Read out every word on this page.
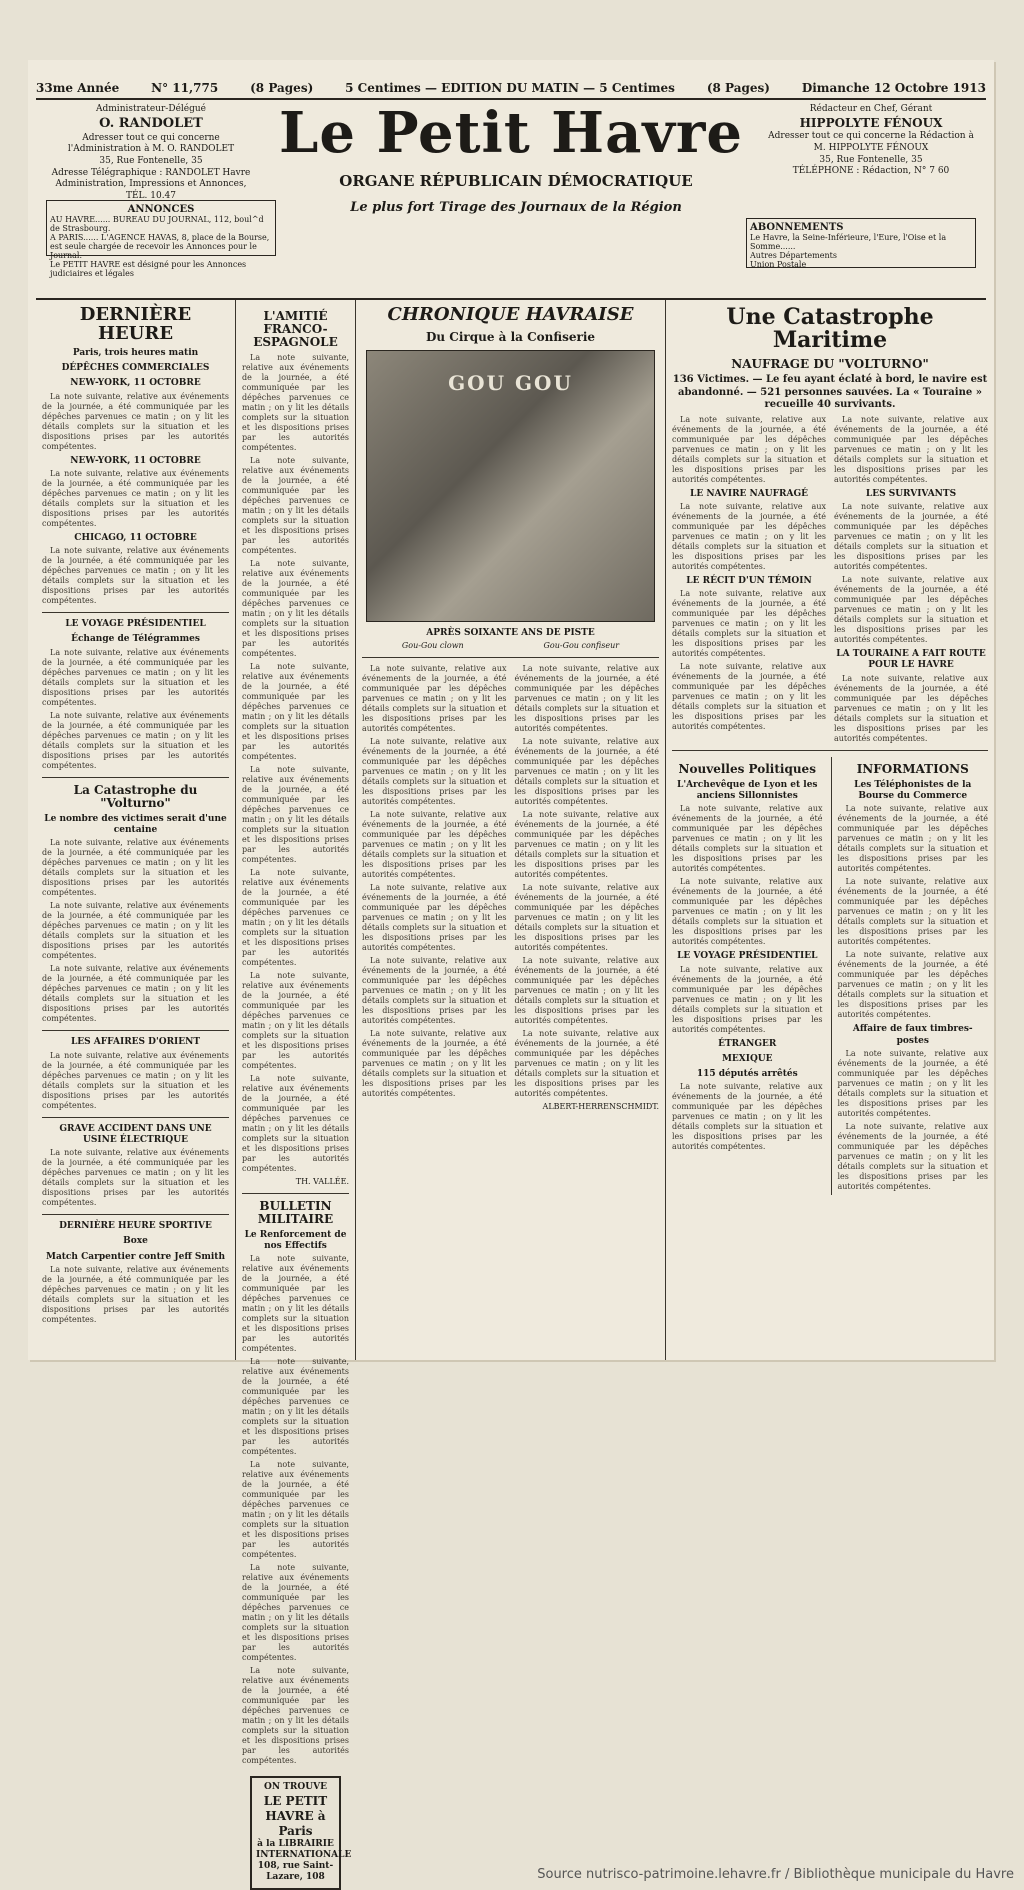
33me Année	N° 11,775	(8 Pages)	5 Centimes — EDITION DU MATIN — 5 Centimes	(8 Pages)	Dimanche 12 Octobre 1913
Administrateur-Délégué
O. RANDOLET
Adresser tout ce qui concerne l'Administration à M. O. RANDOLET
35, Rue Fontenelle, 35
Adresse Télégraphique : RANDOLET Havre
Administration, Impressions et Annonces, TÉL. 10.47
Le Petit Havre
ORGANE RÉPUBLICAIN DÉMOCRATIQUE
Le plus fort Tirage des Journaux de la Région
Rédacteur en Chef, Gérant
HIPPOLYTE FÉNOUX
Adresser tout ce qui concerne la Rédaction à M. HIPPOLYTE FÉNOUX
35, Rue Fontenelle, 35
TÉLÉPHONE : Rédaction, N° 7 60
ANNONCES
AU HAVRE...... BUREAU DU JOURNAL, 112, boul^d de Strasbourg.
A PARIS...... L'AGENCE HAVAS, 8, place de la Bourse, est seule chargée de recevoir les Annonces pour le Journal.
Le PETIT HAVRE est désigné pour les Annonces judiciaires et légales
ABONNEMENTS
Le Havre, la Seine-Inférieure, l'Eure, l'Oise et la Somme......
Autres Départements
Union Postale
DERNIÈRE HEURE
Paris, trois heures matin
DÉPÊCHES COMMERCIALES
NEW-YORK, 11 OCTOBRE

La note suivante, relative aux événements de la journée, a été communiquée par les dépêches parvenues ce matin ; on y lit les détails complets sur la situation et les dispositions prises par les autorités compétentes.

NEW-YORK, 11 OCTOBRE

La note suivante, relative aux événements de la journée, a été communiquée par les dépêches parvenues ce matin ; on y lit les détails complets sur la situation et les dispositions prises par les autorités compétentes.

CHICAGO, 11 OCTOBRE

La note suivante, relative aux événements de la journée, a été communiquée par les dépêches parvenues ce matin ; on y lit les détails complets sur la situation et les dispositions prises par les autorités compétentes.

LE VOYAGE PRÉSIDENTIEL
Échange de Télégrammes

La note suivante, relative aux événements de la journée, a été communiquée par les dépêches parvenues ce matin ; on y lit les détails complets sur la situation et les dispositions prises par les autorités compétentes.

La note suivante, relative aux événements de la journée, a été communiquée par les dépêches parvenues ce matin ; on y lit les détails complets sur la situation et les dispositions prises par les autorités compétentes.

La Catastrophe du "Volturno"
Le nombre des victimes serait d'une centaine

La note suivante, relative aux événements de la journée, a été communiquée par les dépêches parvenues ce matin ; on y lit les détails complets sur la situation et les dispositions prises par les autorités compétentes.

La note suivante, relative aux événements de la journée, a été communiquée par les dépêches parvenues ce matin ; on y lit les détails complets sur la situation et les dispositions prises par les autorités compétentes.

La note suivante, relative aux événements de la journée, a été communiquée par les dépêches parvenues ce matin ; on y lit les détails complets sur la situation et les dispositions prises par les autorités compétentes.

LES AFFAIRES D'ORIENT

La note suivante, relative aux événements de la journée, a été communiquée par les dépêches parvenues ce matin ; on y lit les détails complets sur la situation et les dispositions prises par les autorités compétentes.

GRAVE ACCIDENT DANS UNE USINE ÉLECTRIQUE

La note suivante, relative aux événements de la journée, a été communiquée par les dépêches parvenues ce matin ; on y lit les détails complets sur la situation et les dispositions prises par les autorités compétentes.

DERNIÈRE HEURE SPORTIVE
Boxe
Match Carpentier contre Jeff Smith

La note suivante, relative aux événements de la journée, a été communiquée par les dépêches parvenues ce matin ; on y lit les détails complets sur la situation et les dispositions prises par les autorités compétentes.

L'AMITIÉ FRANCO-ESPAGNOLE

La note suivante, relative aux événements de la journée, a été communiquée par les dépêches parvenues ce matin ; on y lit les détails complets sur la situation et les dispositions prises par les autorités compétentes.

La note suivante, relative aux événements de la journée, a été communiquée par les dépêches parvenues ce matin ; on y lit les détails complets sur la situation et les dispositions prises par les autorités compétentes.

La note suivante, relative aux événements de la journée, a été communiquée par les dépêches parvenues ce matin ; on y lit les détails complets sur la situation et les dispositions prises par les autorités compétentes.

La note suivante, relative aux événements de la journée, a été communiquée par les dépêches parvenues ce matin ; on y lit les détails complets sur la situation et les dispositions prises par les autorités compétentes.

La note suivante, relative aux événements de la journée, a été communiquée par les dépêches parvenues ce matin ; on y lit les détails complets sur la situation et les dispositions prises par les autorités compétentes.

La note suivante, relative aux événements de la journée, a été communiquée par les dépêches parvenues ce matin ; on y lit les détails complets sur la situation et les dispositions prises par les autorités compétentes.

La note suivante, relative aux événements de la journée, a été communiquée par les dépêches parvenues ce matin ; on y lit les détails complets sur la situation et les dispositions prises par les autorités compétentes.

La note suivante, relative aux événements de la journée, a été communiquée par les dépêches parvenues ce matin ; on y lit les détails complets sur la situation et les dispositions prises par les autorités compétentes.

TH. VALLÉE.
BULLETIN MILITAIRE
Le Renforcement de nos Effectifs

La note suivante, relative aux événements de la journée, a été communiquée par les dépêches parvenues ce matin ; on y lit les détails complets sur la situation et les dispositions prises par les autorités compétentes.

La note suivante, relative aux événements de la journée, a été communiquée par les dépêches parvenues ce matin ; on y lit les détails complets sur la situation et les dispositions prises par les autorités compétentes.

La note suivante, relative aux événements de la journée, a été communiquée par les dépêches parvenues ce matin ; on y lit les détails complets sur la situation et les dispositions prises par les autorités compétentes.

La note suivante, relative aux événements de la journée, a été communiquée par les dépêches parvenues ce matin ; on y lit les détails complets sur la situation et les dispositions prises par les autorités compétentes.

La note suivante, relative aux événements de la journée, a été communiquée par les dépêches parvenues ce matin ; on y lit les détails complets sur la situation et les dispositions prises par les autorités compétentes.

ON TROUVE
LE PETIT HAVRE à Paris
à la LIBRAIRIE INTERNATIONALE
108, rue Saint-Lazare, 108
CHRONIQUE HAVRAISE
Du Cirque à la Confiserie
GOU GOU
APRÈS SOIXANTE ANS DE PISTE
Gou-Gou clown	Gou-Gou confiseur

La note suivante, relative aux événements de la journée, a été communiquée par les dépêches parvenues ce matin ; on y lit les détails complets sur la situation et les dispositions prises par les autorités compétentes.

La note suivante, relative aux événements de la journée, a été communiquée par les dépêches parvenues ce matin ; on y lit les détails complets sur la situation et les dispositions prises par les autorités compétentes.

La note suivante, relative aux événements de la journée, a été communiquée par les dépêches parvenues ce matin ; on y lit les détails complets sur la situation et les dispositions prises par les autorités compétentes.

La note suivante, relative aux événements de la journée, a été communiquée par les dépêches parvenues ce matin ; on y lit les détails complets sur la situation et les dispositions prises par les autorités compétentes.

La note suivante, relative aux événements de la journée, a été communiquée par les dépêches parvenues ce matin ; on y lit les détails complets sur la situation et les dispositions prises par les autorités compétentes.

La note suivante, relative aux événements de la journée, a été communiquée par les dépêches parvenues ce matin ; on y lit les détails complets sur la situation et les dispositions prises par les autorités compétentes.

La note suivante, relative aux événements de la journée, a été communiquée par les dépêches parvenues ce matin ; on y lit les détails complets sur la situation et les dispositions prises par les autorités compétentes.

La note suivante, relative aux événements de la journée, a été communiquée par les dépêches parvenues ce matin ; on y lit les détails complets sur la situation et les dispositions prises par les autorités compétentes.

La note suivante, relative aux événements de la journée, a été communiquée par les dépêches parvenues ce matin ; on y lit les détails complets sur la situation et les dispositions prises par les autorités compétentes.

La note suivante, relative aux événements de la journée, a été communiquée par les dépêches parvenues ce matin ; on y lit les détails complets sur la situation et les dispositions prises par les autorités compétentes.

La note suivante, relative aux événements de la journée, a été communiquée par les dépêches parvenues ce matin ; on y lit les détails complets sur la situation et les dispositions prises par les autorités compétentes.

La note suivante, relative aux événements de la journée, a été communiquée par les dépêches parvenues ce matin ; on y lit les détails complets sur la situation et les dispositions prises par les autorités compétentes.

ALBERT-HERRENSCHMIDT.
Une Catastrophe Maritime
NAUFRAGE DU "VOLTURNO"
136 Victimes. — Le feu ayant éclaté à bord, le navire est abandonné. — 521 personnes sauvées. La « Touraine » recueille 40 survivants.

La note suivante, relative aux événements de la journée, a été communiquée par les dépêches parvenues ce matin ; on y lit les détails complets sur la situation et les dispositions prises par les autorités compétentes.

LE NAVIRE NAUFRAGÉ

La note suivante, relative aux événements de la journée, a été communiquée par les dépêches parvenues ce matin ; on y lit les détails complets sur la situation et les dispositions prises par les autorités compétentes.

LE RÉCIT D'UN TÉMOIN

La note suivante, relative aux événements de la journée, a été communiquée par les dépêches parvenues ce matin ; on y lit les détails complets sur la situation et les dispositions prises par les autorités compétentes.

La note suivante, relative aux événements de la journée, a été communiquée par les dépêches parvenues ce matin ; on y lit les détails complets sur la situation et les dispositions prises par les autorités compétentes.

La note suivante, relative aux événements de la journée, a été communiquée par les dépêches parvenues ce matin ; on y lit les détails complets sur la situation et les dispositions prises par les autorités compétentes.

LES SURVIVANTS

La note suivante, relative aux événements de la journée, a été communiquée par les dépêches parvenues ce matin ; on y lit les détails complets sur la situation et les dispositions prises par les autorités compétentes.

La note suivante, relative aux événements de la journée, a été communiquée par les dépêches parvenues ce matin ; on y lit les détails complets sur la situation et les dispositions prises par les autorités compétentes.

LA TOURAINE A FAIT ROUTE POUR LE HAVRE

La note suivante, relative aux événements de la journée, a été communiquée par les dépêches parvenues ce matin ; on y lit les détails complets sur la situation et les dispositions prises par les autorités compétentes.

Nouvelles Politiques
L'Archevêque de Lyon et les anciens Sillonnistes

La note suivante, relative aux événements de la journée, a été communiquée par les dépêches parvenues ce matin ; on y lit les détails complets sur la situation et les dispositions prises par les autorités compétentes.

La note suivante, relative aux événements de la journée, a été communiquée par les dépêches parvenues ce matin ; on y lit les détails complets sur la situation et les dispositions prises par les autorités compétentes.

LE VOYAGE PRÉSIDENTIEL

La note suivante, relative aux événements de la journée, a été communiquée par les dépêches parvenues ce matin ; on y lit les détails complets sur la situation et les dispositions prises par les autorités compétentes.

ÉTRANGER
MEXIQUE
115 députés arrêtés

La note suivante, relative aux événements de la journée, a été communiquée par les dépêches parvenues ce matin ; on y lit les détails complets sur la situation et les dispositions prises par les autorités compétentes.

INFORMATIONS
Les Téléphonistes de la Bourse du Commerce

La note suivante, relative aux événements de la journée, a été communiquée par les dépêches parvenues ce matin ; on y lit les détails complets sur la situation et les dispositions prises par les autorités compétentes.

La note suivante, relative aux événements de la journée, a été communiquée par les dépêches parvenues ce matin ; on y lit les détails complets sur la situation et les dispositions prises par les autorités compétentes.

La note suivante, relative aux événements de la journée, a été communiquée par les dépêches parvenues ce matin ; on y lit les détails complets sur la situation et les dispositions prises par les autorités compétentes.

Affaire de faux timbres-postes

La note suivante, relative aux événements de la journée, a été communiquée par les dépêches parvenues ce matin ; on y lit les détails complets sur la situation et les dispositions prises par les autorités compétentes.

La note suivante, relative aux événements de la journée, a été communiquée par les dépêches parvenues ce matin ; on y lit les détails complets sur la situation et les dispositions prises par les autorités compétentes.

Source nutrisco-patrimoine.lehavre.fr / Bibliothèque municipale du Havre
